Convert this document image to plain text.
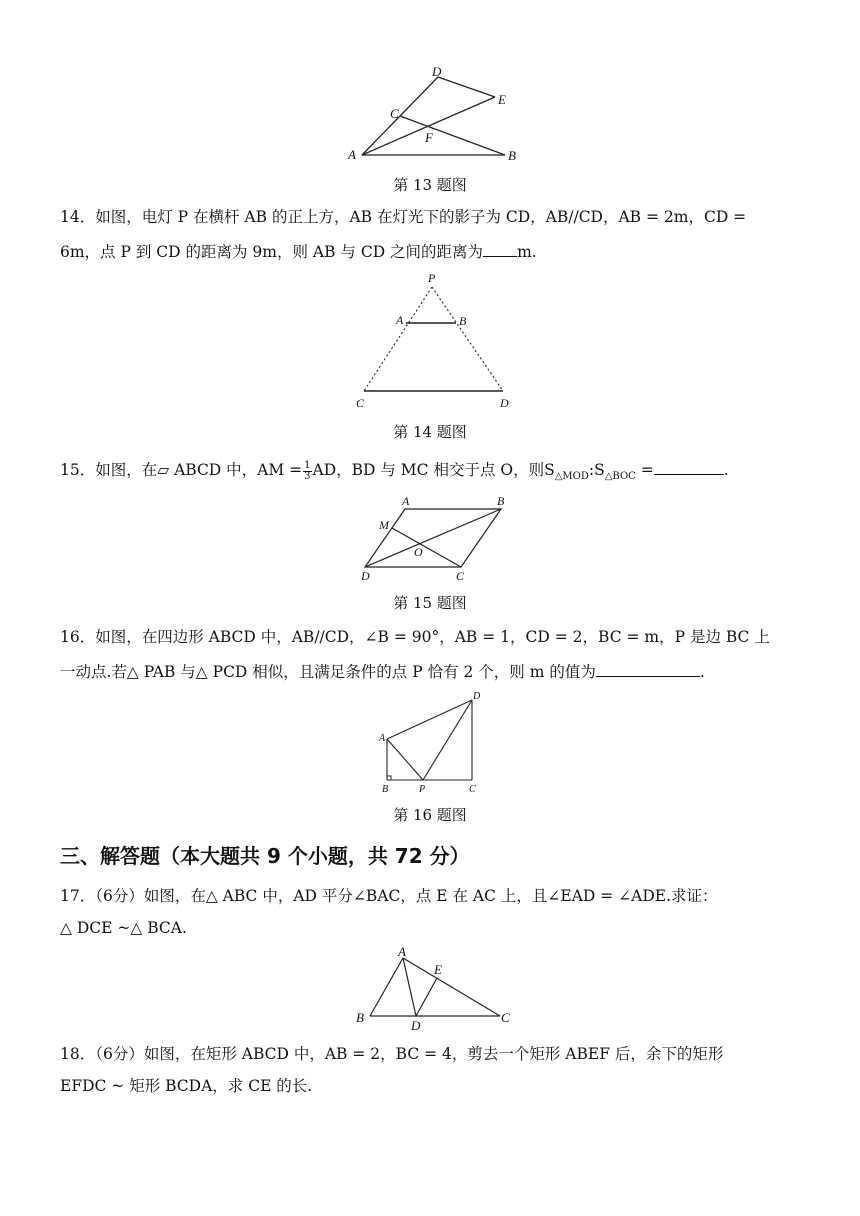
A	B
C
D
E
F
第 13 题图
14．如图，电灯 P 在横杆 AB 的正上方，AB 在灯光下的影子为 CD，AB//CD，AB = 2m，CD =
6m，点 P 到 CD 的距离为 9m，则 AB 与 CD 之间的距离为 m.
P
A	B
C	D
第 14 题图
15．如图，在▱ ABCD 中，AM = $\frac{1}{3}$ AD，BD 与 MC 相交于点 O，则$S_{\triangle MOD}:S_{\triangle BOC}$ =	.
A	B
M
O
D	C
第 15 题图
16．如图，在四边形 ABCD 中，AB//CD，∠B = 90°，AB = 1，CD = 2，BC = m，P 是边 BC 上
一动点.若△ PAB 与△ PCD 相似，且满足条件的点 P 恰有 2 个，则 m 的值为	.
A
B	P	C
D
第 16 题图
三、解答题（本大题共 9 个小题，共 72 分）
17．（6分）如图，在△ ABC 中，AD 平分∠BAC，点 E 在 AC 上，且∠EAD = ∠ADE.求证：
△ DCE ~△ BCA.
A
B	C
D
E
18．（6分）如图，在矩形 ABCD 中，AB = 2，BC = 4，剪去一个矩形 ABEF 后，余下的矩形
EFDC ~ 矩形 BCDA，求 CE 的长.
